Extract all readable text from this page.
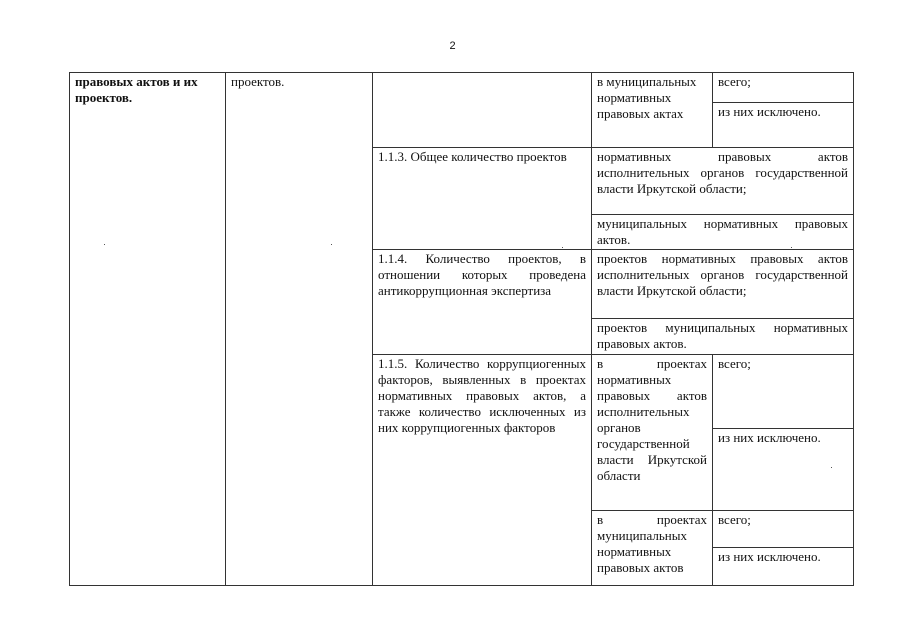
2
правовых актов и их проектов.	проектов.		в муниципальных нормативных правовых актах	всего;
				из них исключено.
		1.1.3. Общее количество проектов	нормативных правовых актов исполнительных органов государственной власти Иркутской области;	
			муниципальных нормативных правовых актов.	
		1.1.4. Количество проектов, в отношении которых проведена антикоррупционная экспертиза	проектов нормативных правовых актов исполнительных органов государственной власти Иркутской области;	
			проектов муниципальных нормативных правовых актов.	
		1.1.5. Количество коррупциогенных факторов, выявленных в проектах нормативных правовых актов, а также количество исключенных из них коррупциогенных факторов	в проектах нормативных правовых актов исполнительных органов государственной власти Иркутской области	всего;
				из них исключено.

			в проектах муниципальных нормативных правовых актов	всего;
				из них исключено.
